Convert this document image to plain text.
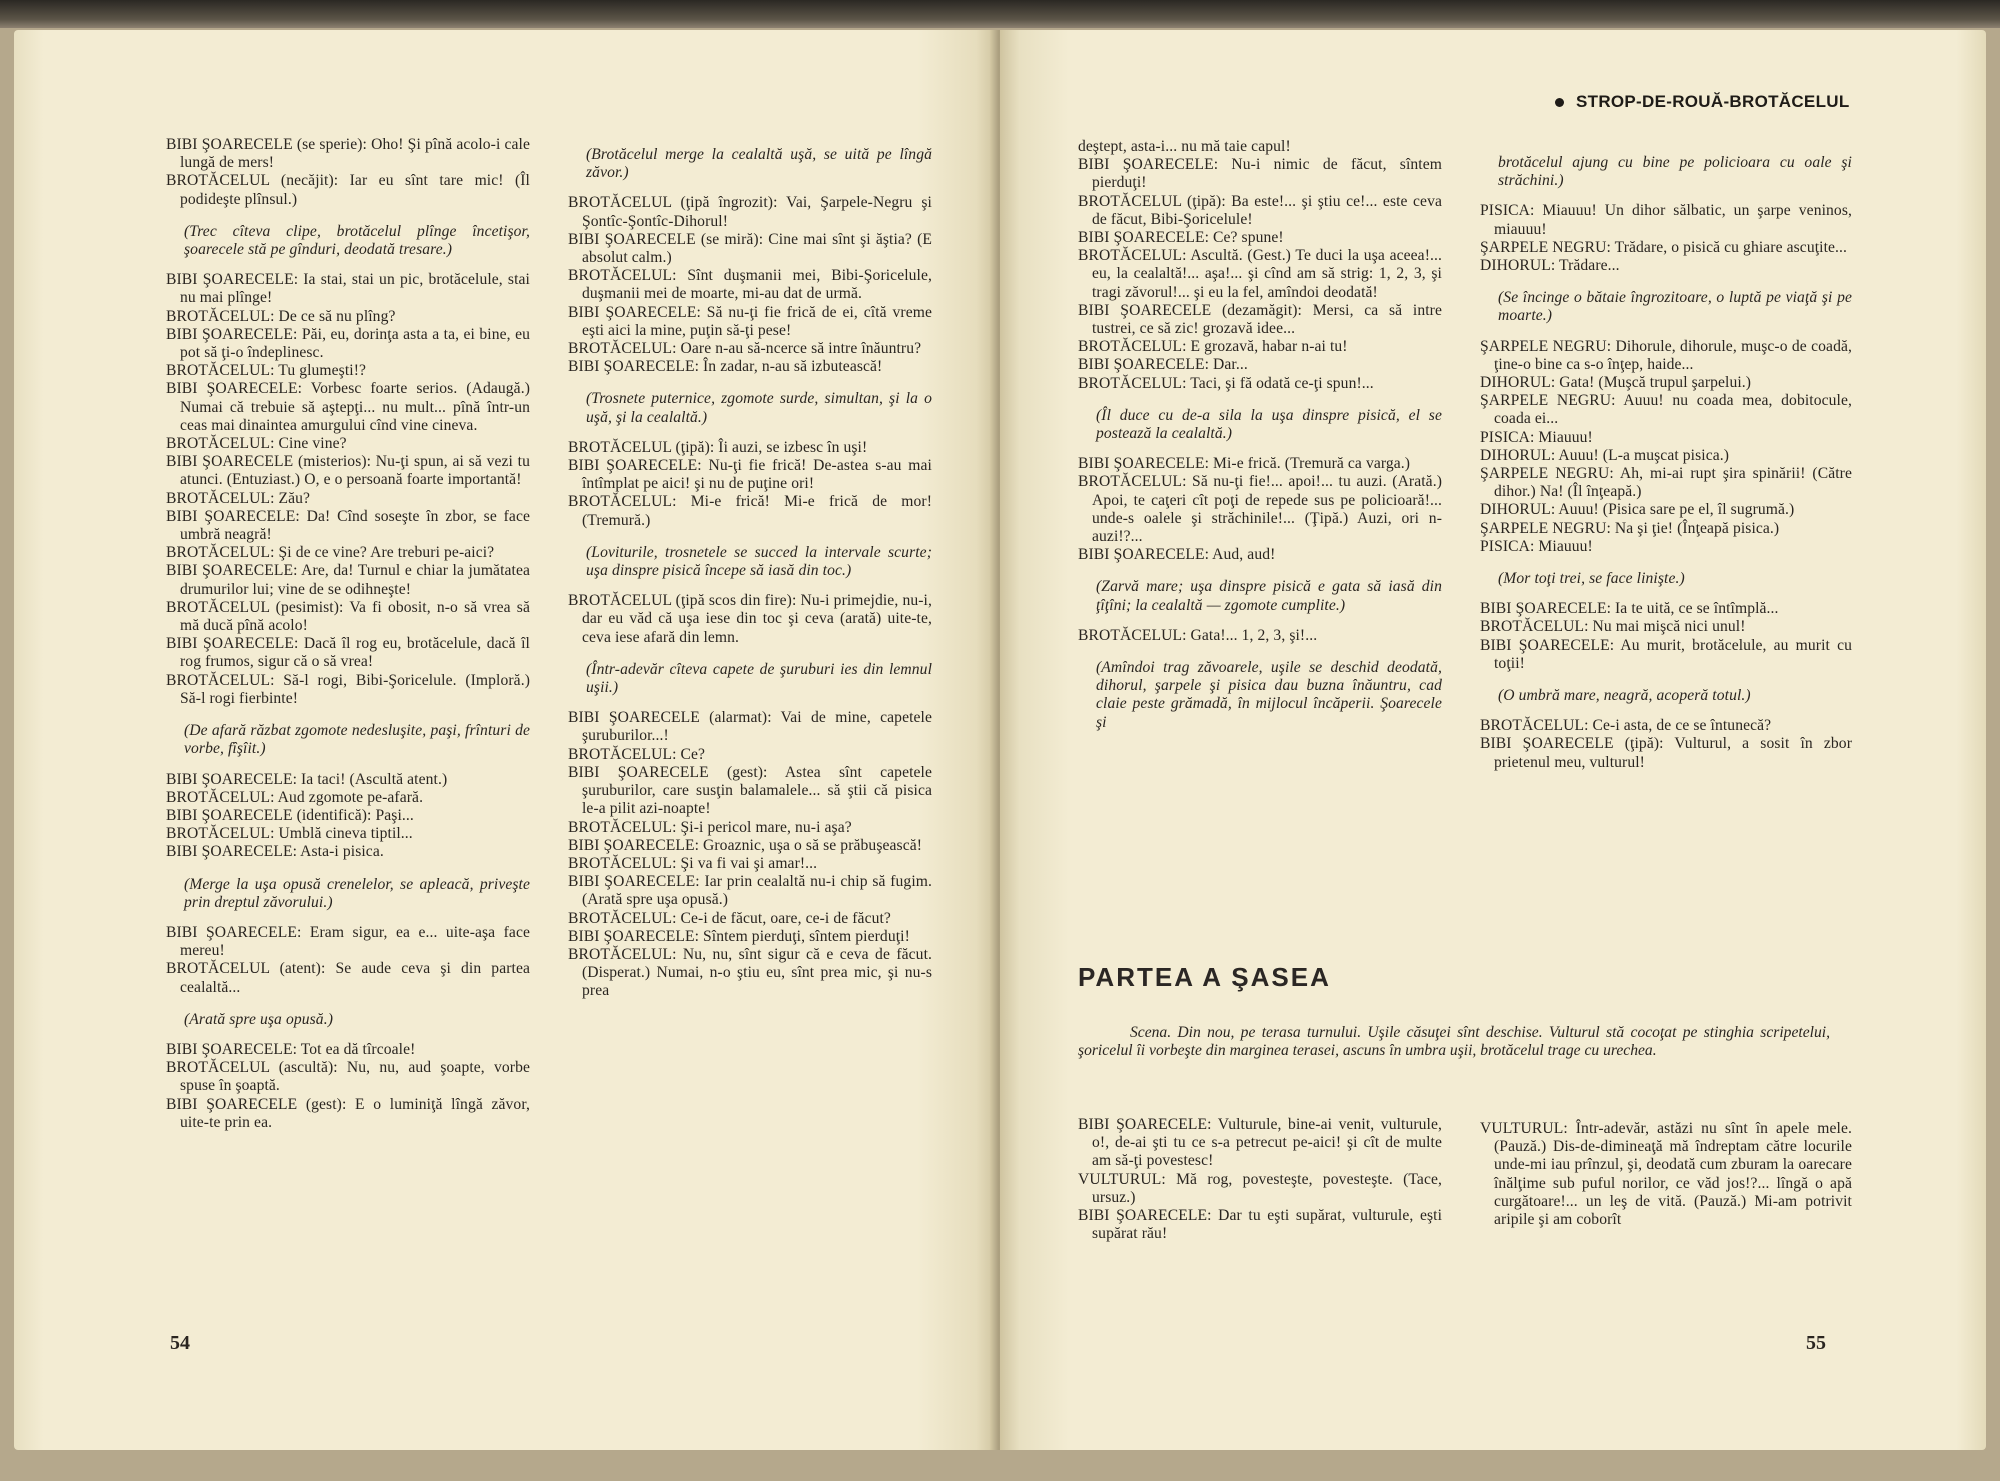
BIBI ŞOARECELE (se sperie): Oho! Şi pînă acolo-i cale lungă de mers!

BROTĂCELUL (necăjit): Iar eu sînt tare mic! (Îl podideşte plînsul.)

(Trec cîteva clipe, brotăcelul plînge încetişor, şoarecele stă pe gînduri, deodată tresare.)

BIBI ŞOARECELE: Ia stai, stai un pic, brotăcelule, stai nu mai plînge!

BROTĂCELUL: De ce să nu plîng?

BIBI ŞOARECELE: Păi, eu, dorinţa asta a ta, ei bine, eu pot să ţi-o îndeplinesc.

BROTĂCELUL: Tu glumeşti!?

BIBI ŞOARECELE: Vorbesc foarte serios. (Adaugă.) Numai că trebuie să aştepţi... nu mult... pînă într-un ceas mai dinaintea amurgului cînd vine cineva.

BROTĂCELUL: Cine vine?

BIBI ŞOARECELE (misterios): Nu-ţi spun, ai să vezi tu atunci. (Entuziast.) O, e o persoană foarte importantă!

BROTĂCELUL: Zău?

BIBI ŞOARECELE: Da! Cînd soseşte în zbor, se face umbră neagră!

BROTĂCELUL: Şi de ce vine? Are treburi pe-aici?

BIBI ŞOARECELE: Are, da! Turnul e chiar la jumătatea drumurilor lui; vine de se odihneşte!

BROTĂCELUL (pesimist): Va fi obosit, n-o să vrea să mă ducă pînă acolo!

BIBI ŞOARECELE: Dacă îl rog eu, brotăcelule, dacă îl rog frumos, sigur că o să vrea!

BROTĂCELUL: Să-l rogi, Bibi-Şoricelule. (Imploră.) Să-l rogi fierbinte!

(De afară răzbat zgomote nedesluşite, paşi, frînturi de vorbe, fîşîit.)

BIBI ŞOARECELE: Ia taci! (Ascultă atent.)

BROTĂCELUL: Aud zgomote pe-afară.

BIBI ŞOARECELE (identifică): Paşi...

BROTĂCELUL: Umblă cineva tiptil...

BIBI ŞOARECELE: Asta-i pisica.

(Merge la uşa opusă crenelelor, se apleacă, priveşte prin dreptul zăvorului.)

BIBI ŞOARECELE: Eram sigur, ea e... uite-aşa face mereu!

BROTĂCELUL (atent): Se aude ceva şi din partea cealaltă...

(Arată spre uşa opusă.)

BIBI ŞOARECELE: Tot ea dă tîrcoale!

BROTĂCELUL (ascultă): Nu, nu, aud şoapte, vorbe spuse în şoaptă.

BIBI ŞOARECELE (gest): E o luminiţă lîngă zăvor, uite-te prin ea.

(Brotăcelul merge la cealaltă uşă, se uită pe lîngă zăvor.)

BROTĂCELUL (ţipă îngrozit): Vai, Şarpele-Negru şi Şontîc-Şontîc-Dihorul!

BIBI ŞOARECELE (se miră): Cine mai sînt şi ăştia? (E absolut calm.)

BROTĂCELUL: Sînt duşmanii mei, Bibi-Şoricelule, duşmanii mei de moarte, mi-au dat de urmă.

BIBI ŞOARECELE: Să nu-ţi fie frică de ei, cîtă vreme eşti aici la mine, puţin să-ţi pese!

BROTĂCELUL: Oare n-au să-ncerce să intre înăuntru?

BIBI ŞOARECELE: În zadar, n-au să izbutească!

(Trosnete puternice, zgomote surde, simultan, şi la o uşă, şi la cealaltă.)

BROTĂCELUL (ţipă): Îi auzi, se izbesc în uşi!

BIBI ŞOARECELE: Nu-ţi fie frică! De-astea s-au mai întîmplat pe aici! şi nu de puţine ori!

BROTĂCELUL: Mi-e frică! Mi-e frică de mor! (Tremură.)

(Loviturile, trosnetele se succed la intervale scurte; uşa dinspre pisică începe să iasă din toc.)

BROTĂCELUL (ţipă scos din fire): Nu-i primejdie, nu-i, dar eu văd că uşa iese din toc şi ceva (arată) uite-te, ceva iese afară din lemn.

(Într-adevăr cîteva capete de şuruburi ies din lemnul uşii.)

BIBI ŞOARECELE (alarmat): Vai de mine, capetele şuruburilor...!

BROTĂCELUL: Ce?

BIBI ŞOARECELE (gest): Astea sînt capetele şuruburilor, care susţin balamalele... să ştii că pisica le-a pilit azi-noapte!

BROTĂCELUL: Şi-i pericol mare, nu-i aşa?

BIBI ŞOARECELE: Groaznic, uşa o să se prăbuşească!

BROTĂCELUL: Şi va fi vai şi amar!...

BIBI ŞOARECELE: Iar prin cealaltă nu-i chip să fugim. (Arată spre uşa opusă.)

BROTĂCELUL: Ce-i de făcut, oare, ce-i de făcut?

BIBI ŞOARECELE: Sîntem pierduţi, sîntem pierduţi!

BROTĂCELUL: Nu, nu, sînt sigur că e ceva de făcut. (Disperat.) Numai, n-o ştiu eu, sînt prea mic, şi nu-s prea

54

deştept, asta-i... nu mă taie capul!

BIBI ŞOARECELE: Nu-i nimic de făcut, sîntem pierduţi!

BROTĂCELUL (ţipă): Ba este!... şi ştiu ce!... este ceva de făcut, Bibi-Şoricelule!

BIBI ŞOARECELE: Ce? spune!

BROTĂCELUL: Ascultă. (Gest.) Te duci la uşa aceea!... eu, la cealaltă!... aşa!... şi cînd am să strig: 1, 2, 3, şi tragi zăvorul!... şi eu la fel, amîndoi deodată!

BIBI ŞOARECELE (dezamăgit): Mersi, ca să intre tustrei, ce să zic! grozavă idee...

BROTĂCELUL: E grozavă, habar n-ai tu!

BIBI ŞOARECELE: Dar...

BROTĂCELUL: Taci, şi fă odată ce-ţi spun!...

(Îl duce cu de-a sila la uşa dinspre pisică, el se postează la cealaltă.)

BIBI ŞOARECELE: Mi-e frică. (Tremură ca varga.)

BROTĂCELUL: Să nu-ţi fie!... apoi!... tu auzi. (Arată.) Apoi, te caţeri cît poţi de repede sus pe policioară!... unde-s oalele şi străchinile!... (Ţipă.) Auzi, ori n-auzi!?...

BIBI ŞOARECELE: Aud, aud!

(Zarvă mare; uşa dinspre pisică e gata să iasă din ţîţîni; la cealaltă — zgomote cumplite.)

BROTĂCELUL: Gata!... 1, 2, 3, şi!...

(Amîndoi trag zăvoarele, uşile se deschid deodată, dihorul, şarpele şi pisica dau buzna înăuntru, cad claie peste grămadă, în mijlocul încăperii. Şoarecele şi

brotăcelul ajung cu bine pe policioara cu oale şi străchini.)

PISICA: Miauuu! Un dihor sălbatic, un şarpe veninos, miauuu!

ŞARPELE NEGRU: Trădare, o pisică cu ghiare ascuţite...

DIHORUL: Trădare...

(Se încinge o bătaie îngrozitoare, o luptă pe viaţă şi pe moarte.)

ŞARPELE NEGRU: Dihorule, dihorule, muşc-o de coadă, ţine-o bine ca s-o înţep, haide...

DIHORUL: Gata! (Muşcă trupul şarpelui.)

ŞARPELE NEGRU: Auuu! nu coada mea, dobitocule, coada ei...

PISICA: Miauuu!

DIHORUL: Auuu! (L-a muşcat pisica.)

ŞARPELE NEGRU: Ah, mi-ai rupt şira spinării! (Către dihor.) Na! (Îl înţeapă.)

DIHORUL: Auuu! (Pisica sare pe el, îl sugrumă.)

ŞARPELE NEGRU: Na şi ţie! (Înţeapă pisica.)

PISICA: Miauuu!

(Mor toţi trei, se face linişte.)

BIBI ŞOARECELE: Ia te uită, ce se întîmplă...

BROTĂCELUL: Nu mai mişcă nici unul!

BIBI ŞOARECELE: Au murit, brotăcelule, au murit cu toţii!

(O umbră mare, neagră, acoperă totul.)

BROTĂCELUL: Ce-i asta, de ce se întunecă?

BIBI ŞOARECELE (ţipă): Vulturul, a sosit în zbor prietenul meu, vulturul!

BIBI ŞOARECELE: Vulturule, bine-ai venit, vulturule, o!, de-ai şti tu ce s-a petrecut pe-aici! şi cît de multe am să-ţi povestesc!

VULTURUL: Mă rog, povesteşte, povesteşte. (Tace, ursuz.)

BIBI ŞOARECELE: Dar tu eşti supărat, vulturule, eşti supărat rău!

VULTURUL: Într-adevăr, astăzi nu sînt în apele mele. (Pauză.) Dis-de-dimineaţă mă îndreptam către locurile unde-mi iau prînzul, şi, deodată cum zburam la oarecare înălţime sub puful norilor, ce văd jos!?... lîngă o apă curgătoare!... un leş de vită. (Pauză.) Mi-am potrivit aripile şi am coborît

55
STROP-DE-ROUĂ-BROTĂCELUL
PARTEA A ŞASEA
Scena. Din nou, pe terasa turnului. Uşile căsuţei sînt deschise. Vulturul stă cocoţat pe stinghia scripetelui, şoricelul îi vorbeşte din marginea terasei, ascuns în umbra uşii, brotăcelul trage cu urechea.
